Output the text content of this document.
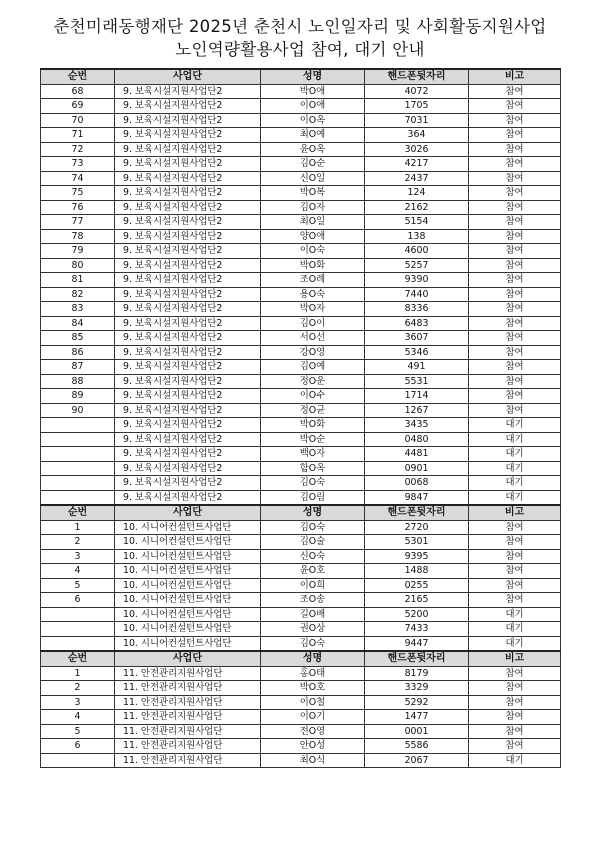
춘천미래동행재단 2025년 춘천시 노인일자리 및 사회활동지원사업
노인역량활용사업 참여, 대기 안내
순번	사업단	성명	핸드폰뒷자리	비고
68	9. 보육시설지원사업단2	박O애	4072	참여
69	9. 보육시설지원사업단2	이O애	1705	참여
70	9. 보육시설지원사업단2	이O옥	7031	참여
71	9. 보육시설지원사업단2	최O예	364	참여
72	9. 보육시설지원사업단2	윤O옥	3026	참여
73	9. 보육시설지원사업단2	김O순	4217	참여
74	9. 보육시설지원사업단2	신O일	2437	참여
75	9. 보육시설지원사업단2	박O복	124	참여
76	9. 보육시설지원사업단2	김O자	2162	참여
77	9. 보육시설지원사업단2	최O일	5154	참여
78	9. 보육시설지원사업단2	양O애	138	참여
79	9. 보육시설지원사업단2	이O숙	4600	참여
80	9. 보육시설지원사업단2	박O화	5257	참여
81	9. 보육시설지원사업단2	조O례	9390	참여
82	9. 보육시설지원사업단2	용O숙	7440	참여
83	9. 보육시설지원사업단2	박O자	8336	참여
84	9. 보육시설지원사업단2	김O이	6483	참여
85	9. 보육시설지원사업단2	서O선	3607	참여
86	9. 보육시설지원사업단2	강O영	5346	참여
87	9. 보육시설지원사업단2	김O예	491	참여
88	9. 보육시설지원사업단2	정O운	5531	참여
89	9. 보육시설지원사업단2	이O수	1714	참여
90	9. 보육시설지원사업단2	정O균	1267	참여
	9. 보육시설지원사업단2	박O화	3435	대기
	9. 보육시설지원사업단2	박O순	0480	대기
	9. 보육시설지원사업단2	백O자	4481	대기
	9. 보육시설지원사업단2	함O옥	0901	대기
	9. 보육시설지원사업단2	김O숙	0068	대기
	9. 보육시설지원사업단2	김O림	9847	대기
순번	사업단	성명	핸드폰뒷자리	비고
1	10. 시니어컨설턴트사업단	김O숙	2720	참여
2	10. 시니어컨설턴트사업단	김O술	5301	참여
3	10. 시니어컨설턴트사업단	신O숙	9395	참여
4	10. 시니어컨설턴트사업단	윤O호	1488	참여
5	10. 시니어컨설턴트사업단	이O희	0255	참여
6	10. 시니어컨설턴트사업단	조O송	2165	참여
	10. 시니어컨설턴트사업단	길O배	5200	대기
	10. 시니어컨설턴트사업단	권O상	7433	대기
	10. 시니어컨설턴트사업단	김O숙	9447	대기
순번	사업단	성명	핸드폰뒷자리	비고
1	11. 안전관리지원사업단	홍O태	8179	참여
2	11. 안전관리지원사업단	박O호	3329	참여
3	11. 안전관리지원사업단	이O철	5292	참여
4	11. 안전관리지원사업단	이O기	1477	참여
5	11. 안전관리지원사업단	전O영	0001	참여
6	11. 안전관리지원사업단	안O성	5586	참여
	11. 안전관리지원사업단	최O식	2067	대기
